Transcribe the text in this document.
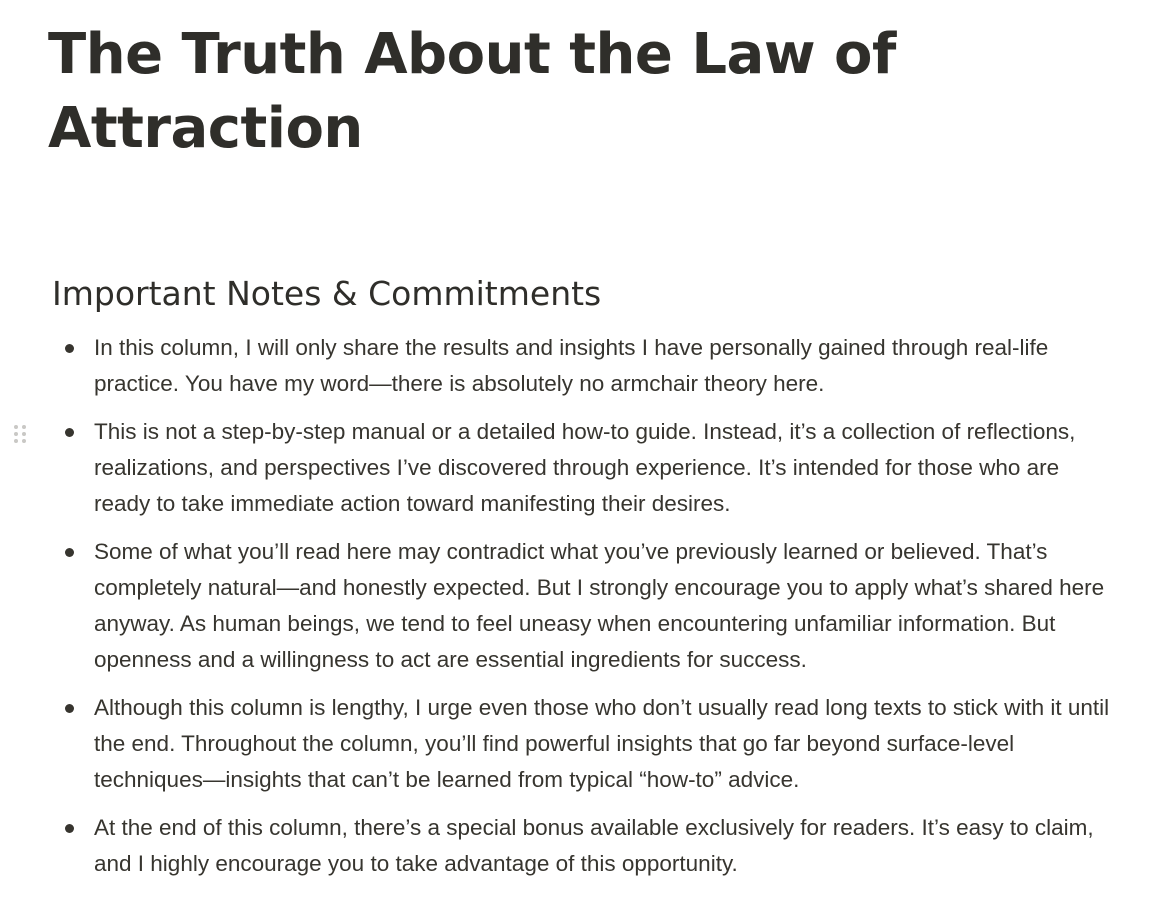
The Truth About the Law of Attraction
Important Notes & Commitments
In this column, I will only share the results and insights I have personally gained through real-life practice. You have my word—there is absolutely no armchair theory here.
This is not a step-by-step manual or a detailed how-to guide. Instead, it’s a collection of reflections, realizations, and perspectives I’ve discovered through experience. It’s intended for those who are ready to take immediate action toward manifesting their desires.
Some of what you’ll read here may contradict what you’ve previously learned or believed. That’s completely natural—and honestly expected. But I strongly encourage you to apply what’s shared here anyway. As human beings, we tend to feel uneasy when encountering unfamiliar information. But openness and a willingness to act are essential ingredients for success.
Although this column is lengthy, I urge even those who don’t usually read long texts to stick with it until the end. Throughout the column, you’ll find powerful insights that go far beyond surface-level techniques—insights that can’t be learned from typical “how-to” advice.
At the end of this column, there’s a special bonus available exclusively for readers. It’s easy to claim, and I highly encourage you to take advantage of this opportunity.
